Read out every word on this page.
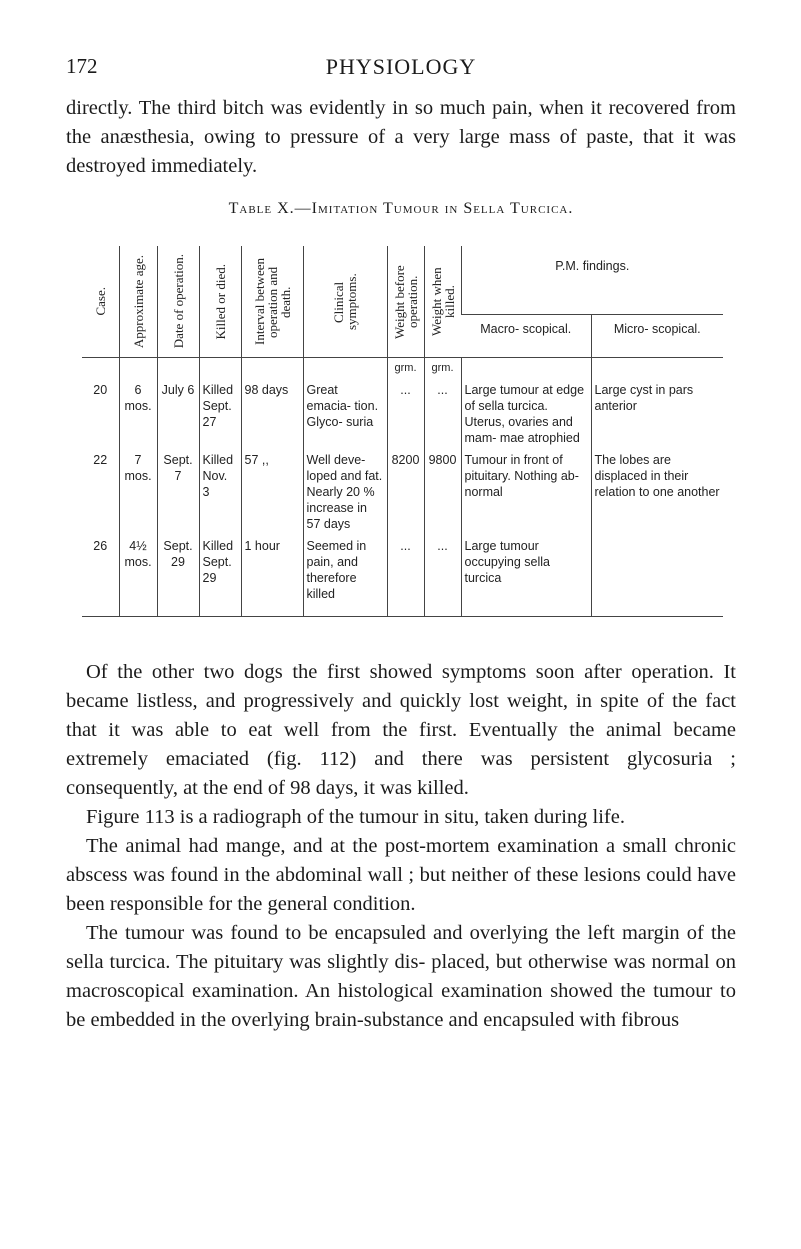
172	PHYSIOLOGY
directly. The third bitch was evidently in so much pain, when it recovered from the anæsthesia, owing to pressure of a very large mass of paste, that it was destroyed immediately.
Table X.—Imitation Tumour in Sella Turcica.
Case.	Approximate age.	Date of operation.	Killed or died.	Interval between operation and death.	Clinical symptoms.	Weight before operation.	Weight when killed.	P.M. findings.	
								Macro- scopical.	Micro- scopical.
						grm.	grm.		
20	6 mos.	July 6	Killed Sept. 27	98 days	Great emacia- tion. Glyco- suria	...	...	Large tumour at edge of sella turcica. Uterus, ovaries and mam- mae atrophied	Large cyst in pars anterior
22	7 mos.	Sept. 7	Killed Nov. 3	57 ,,	Well deve- loped and fat. Nearly 20 % increase in 57 days	8200	9800	Tumour in front of pituitary. Nothing ab- normal	The lobes are displaced in their relation to one another
26	4½ mos.	Sept. 29	Killed Sept. 29	1 hour	Seemed in pain, and therefore killed	...	...	Large tumour occupying sella turcica	

Of the other two dogs the first showed symptoms soon after operation. It became listless, and progressively and quickly lost weight, in spite of the fact that it was able to eat well from the first. Eventually the animal became extremely emaciated (fig. 112) and there was persistent glycosuria ; consequently, at the end of 98 days, it was killed.

Figure 113 is a radiograph of the tumour in situ, taken during life.

The animal had mange, and at the post-mortem examination a small chronic abscess was found in the abdominal wall ; but neither of these lesions could have been responsible for the general condition.

The tumour was found to be encapsuled and overlying the left margin of the sella turcica. The pituitary was slightly dis- placed, but otherwise was normal on macroscopical examination. An histological examination showed the tumour to be embedded in the overlying brain-substance and encapsuled with fibrous
